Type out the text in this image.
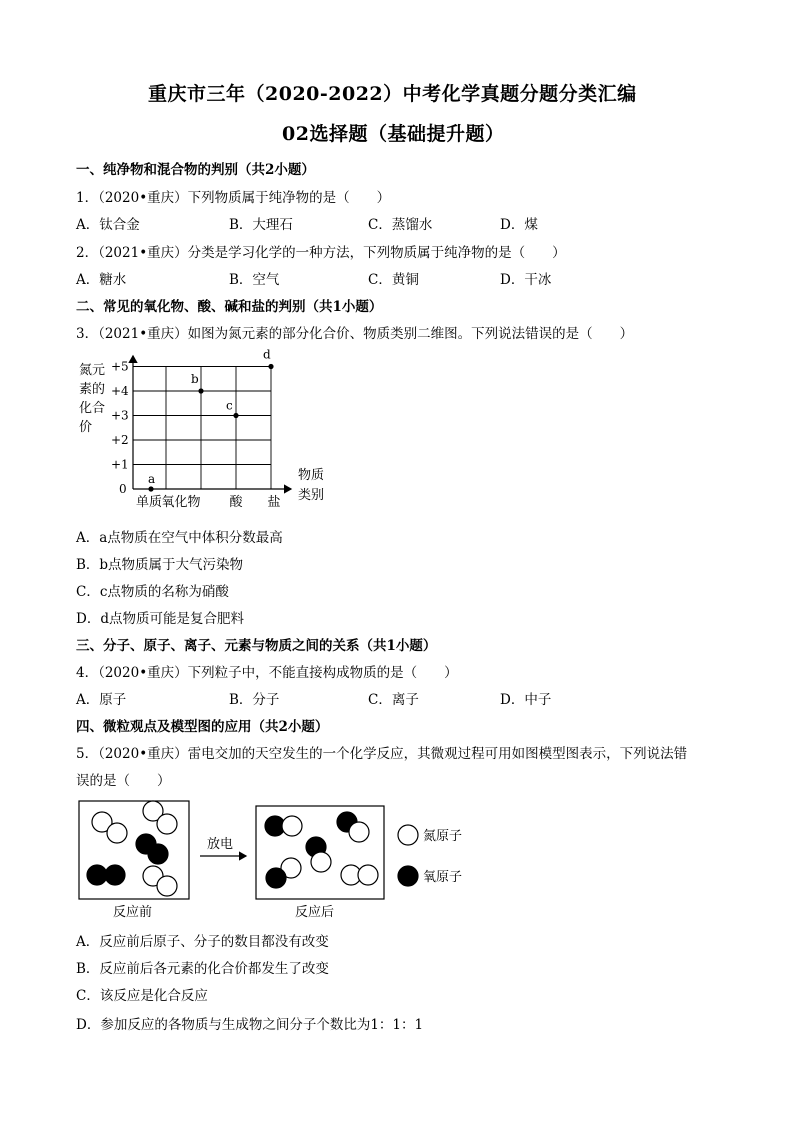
重庆市三年（2020-2022）中考化学真题分题分类汇编
02选择题（基础提升题）
一、纯净物和混合物的判别（共2小题）
1．（2020•重庆）下列物质属于纯净物的是（　　）
A．钛合金	B．大理石	C．蒸馏水	D．煤
2．（2021•重庆）分类是学习化学的一种方法，下列物质属于纯净物的是（　　）
A．糖水	B．空气	C．黄铜	D．干冰
二、常见的氧化物、酸、碱和盐的判别（共1小题）
3．（2021•重庆）如图为氮元素的部分化合价、物质类别二维图。下列说法错误的是（　　）
0
+1
+2
+3
+4
+5
单质 氧化物 酸 盐
a
b
c
d
氮元 素的 化合 价
物质 类别
A．a点物质在空气中体积分数最高
B．b点物质属于大气污染物
C．c点物质的名称为硝酸
D．d点物质可能是复合肥料
三、分子、原子、离子、元素与物质之间的关系（共1小题）
4．（2020•重庆）下列粒子中，不能直接构成物质的是（　　）
A．原子	B．分子	C．离子	D．中子
四、微粒观点及模型图的应用（共2小题）
5．（2020•重庆）雷电交加的天空发生的一个化学反应，其微观过程可用如图模型图表示，下列说法错
误的是（　　）
放电
氮原子
氧原子
反应前	反应后
A．反应前后原子、分子的数目都没有改变
B．反应前后各元素的化合价都发生了改变
C．该反应是化合反应
D．参加反应的各物质与生成物之间分子个数比为1：1：1
